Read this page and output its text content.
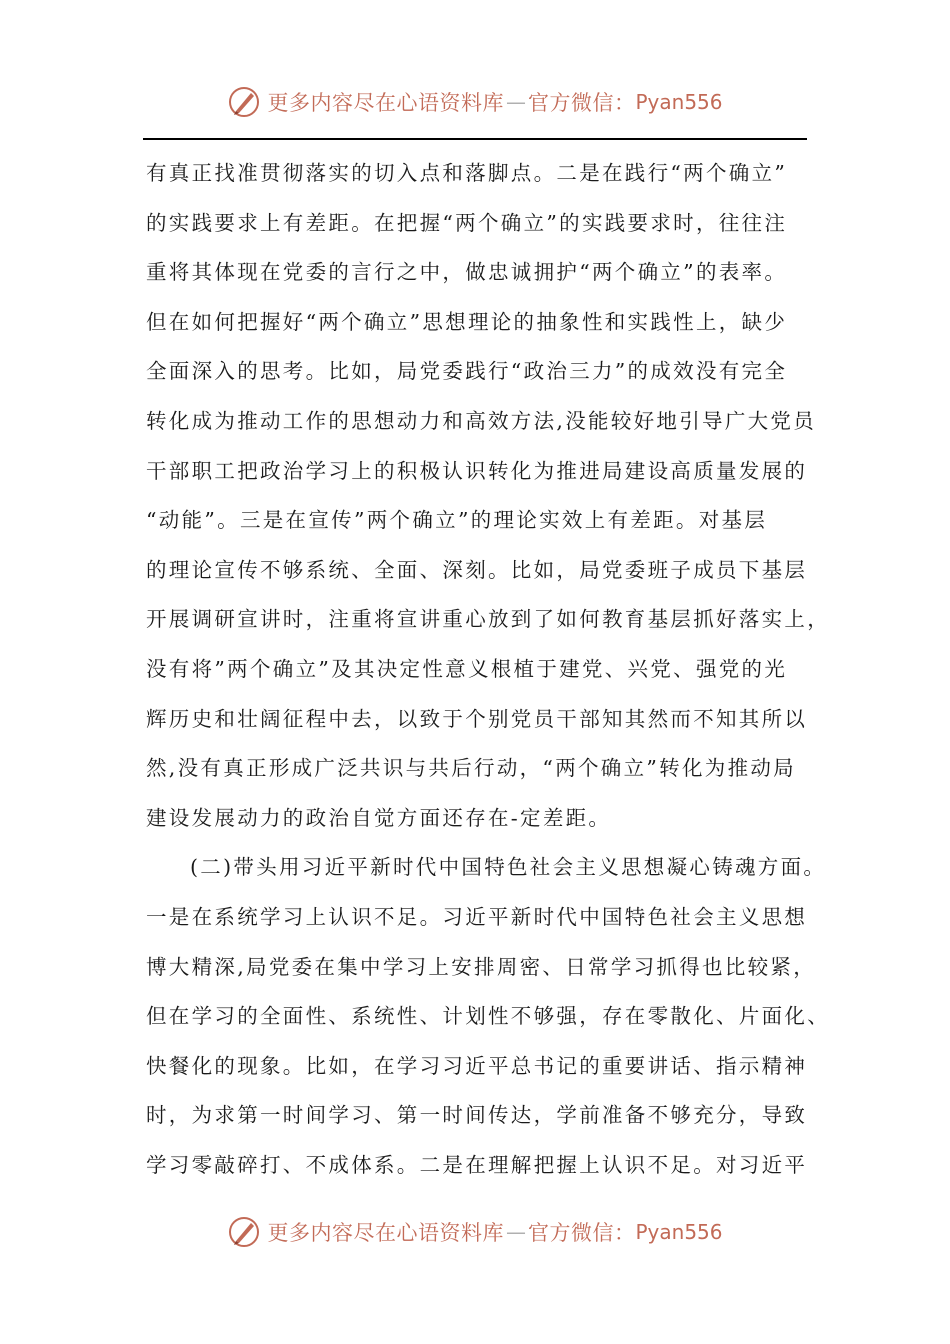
更多内容尽在心语资料库 — 官方微信： Pyan556
有真正找准贯彻落实的切入点和落脚点。二是在践行“两个确立”
的实践要求上有差距。在把握“两个确立”的实践要求时，往往注
重将其体现在党委的言行之中，做忠诚拥护“两个确立”的表率。
但在如何把握好“两个确立”思想理论的抽象性和实践性上，缺少
全面深入的思考。比如，局党委践行“政治三力”的成效没有完全
转化成为推动工作的思想动力和高效方法,没能较好地引导广大党员
干部职工把政治学习上的积极认识转化为推进局建设高质量发展的
“动能”。三是在宣传”两个确立”的理论实效上有差距。对基层
的理论宣传不够系统、全面、深刻。比如，局党委班子成员下基层
开展调研宣讲时，注重将宣讲重心放到了如何教育基层抓好落实上，
没有将”两个确立”及其决定性意义根植于建党、兴党、强党的光
辉历史和壮阔征程中去，以致于个别党员干部知其然而不知其所以
然,没有真正形成广泛共识与共后行动，“两个确立”转化为推动局
建设发展动力的政治自觉方面还存在-定差距。
(二)带头用习近平新时代中国特色社会主义思想凝心铸魂方面。
一是在系统学习上认识不足。习近平新时代中国特色社会主义思想
博大精深,局党委在集中学习上安排周密、日常学习抓得也比较紧，
但在学习的全面性、系统性、计划性不够强，存在零散化、片面化、
快餐化的现象。比如，在学习习近平总书记的重要讲话、指示精神
时，为求第一时间学习、第一时间传达，学前准备不够充分，导致
学习零敲碎打、不成体系。二是在理解把握上认识不足。对习近平
更多内容尽在心语资料库 — 官方微信： Pyan556
